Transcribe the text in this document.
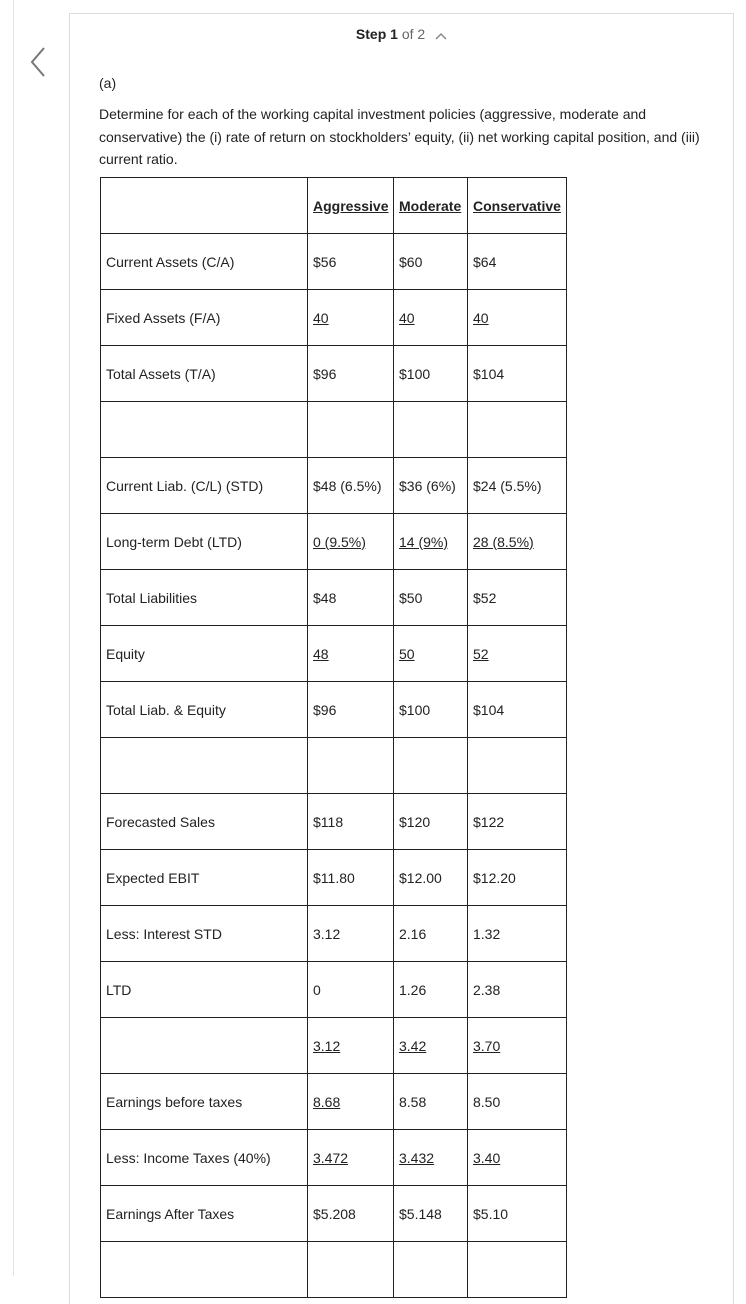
Step 1 of 2
(a)
Determine for each of the working capital investment policies (aggressive, moderate and conservative) the (i) rate of return on stockholders’ equity, (ii) net working capital position, and (iii) current ratio.
	Aggressive	Moderate	Conservative
Current Assets (C/A)	$56	$60	$64
Fixed Assets (F/A)	40	40	40
Total Assets (T/A)	$96	$100	$104

Current Liab. (C/L) (STD)	$48 (6.5%)	$36 (6%)	$24 (5.5%)
Long-term Debt (LTD)	0 (9.5%)	14 (9%)	28 (8.5%)
Total Liabilities	$48	$50	$52
Equity	48	50	52
Total Liab. & Equity	$96	$100	$104

Forecasted Sales	$118	$120	$122
Expected EBIT	$11.80	$12.00	$12.20
Less: Interest STD	3.12	2.16	1.32
LTD	0	1.26	2.38
	3.12	3.42	3.70
Earnings before taxes	8.68	8.58	8.50
Less: Income Taxes (40%)	3.472	3.432	3.40
Earnings After Taxes	$5.208	$5.148	$5.10
